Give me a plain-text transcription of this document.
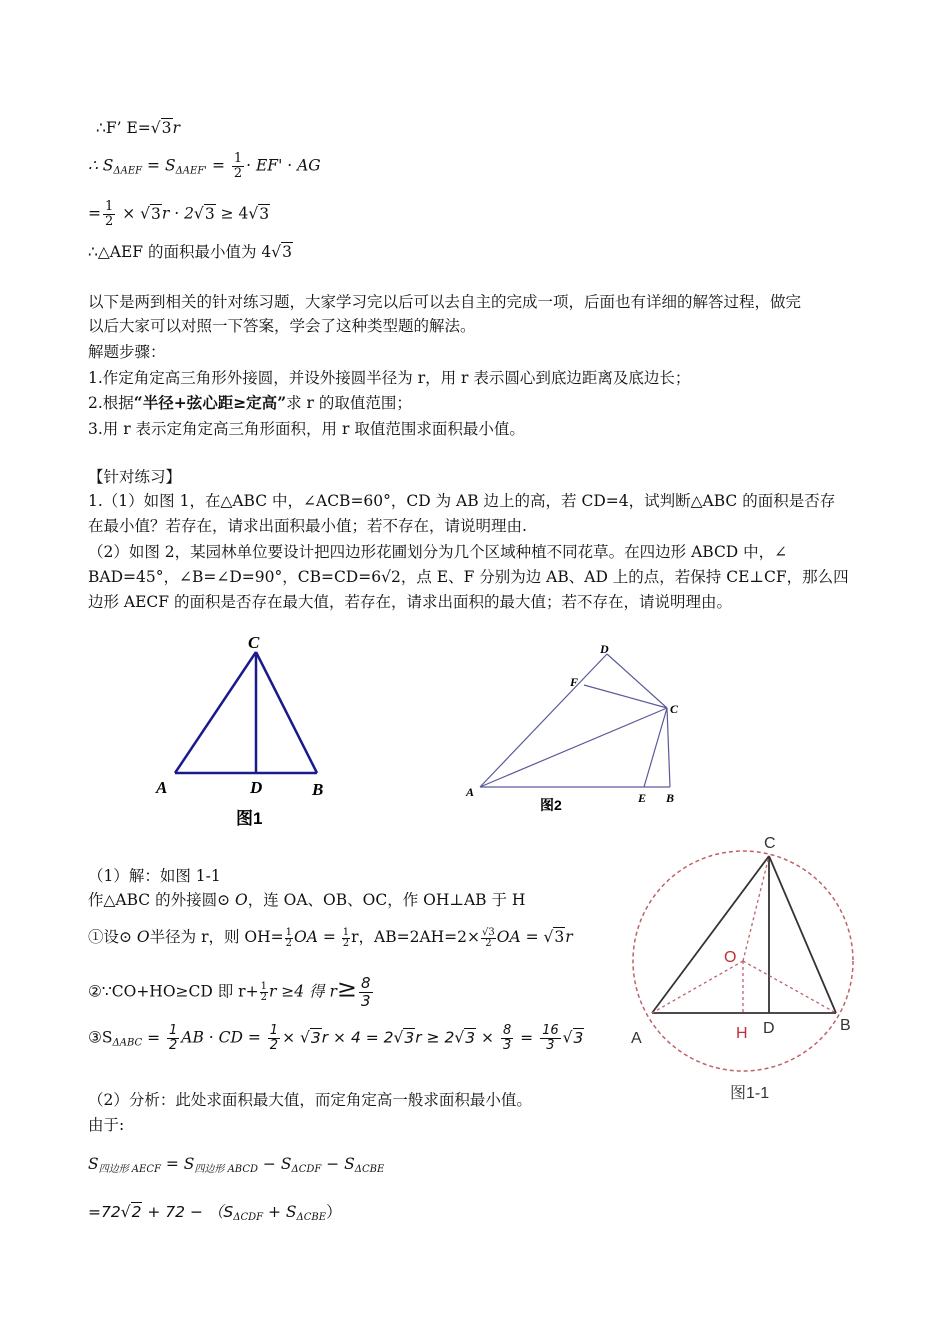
∴F’ E=√3r
∴ $S_{\Delta AEF} = S_{\Delta AEF'} = \frac{1}{2} \cdot EF'$ · AG
= $\frac{1}{2} \times √3r \cdot 2√3 \ge 4√3$
∴△AEF 的面积最小值为 4√3
以下是两到相关的针对练习题，大家学习完以后可以去自主的完成一项，后面也有详细的解答过程，做完
以后大家可以对照一下答案，学会了这种类型题的解法。
解题步骤：
1.作定角定高三角形外接圆，并设外接圆半径为 r，用 r 表示圆心到底边距离及底边长；
2.根据“半径+弦心距≥定高”求 r 的取值范围；
3.用 r 表示定角定高三角形面积，用 r 取值范围求面积最小值。
【针对练习】
1.（1）如图 1，在△ABC 中，∠ACB=60°，CD 为 AB 边上的高，若 CD=4，试判断△ABC 的面积是否存
在最小值？若存在，请求出面积最小值；若不存在，请说明理由.
（2）如图 2，某园林单位要设计把四边形花圃划分为几个区域种植不同花草。在四边形 ABCD 中，∠
BAD=45°，∠B=∠D=90°，CB=CD=6√2，点 E、F 分别为边 AB、AD 上的点，若保持 CE⊥CF，那么四
边形 AECF 的面积是否存在最大值，若存在，请求出面积的最大值；若不存在，请说明理由。
C
A	D	B
图1
D
F
C
A	E B
图2
（1）解：如图 1-1
作△ABC 的外接圆⊙ O，连 OA、OB、OC，作 OH⊥AB 于 H
①设⊙ O半径为 r，则 $OH= \frac{1}{2}$ OA = $\frac{1}{2}$ r，$AB=2AH=2\times \frac{√3}{2}$ OA = √3r
②∵CO+HO≥CD 即 $r+ \frac{1}{2}$ r ≥4 得 $r\ge \frac{8}{3}$
$③S_{\Delta ABC} = \frac{1}{2}$ AB · CD = $\frac{1}{2} \times √3r \times 4 = 2√3r \ge 2√3 \times \frac{8}{3} = \frac{16}{3} √3$
C
O
A	H D	B
图1-1
（2）分析：此处求面积最大值，而定角定高一般求面积最小值。
由于:
$S_{四边形 AECF} = S_{四边形 ABCD} - S_{\Delta CDF} - S_{\Delta CBE}$
$=72√2 + 72 - (S_{\Delta CDF} + S_{\Delta CBE})$
